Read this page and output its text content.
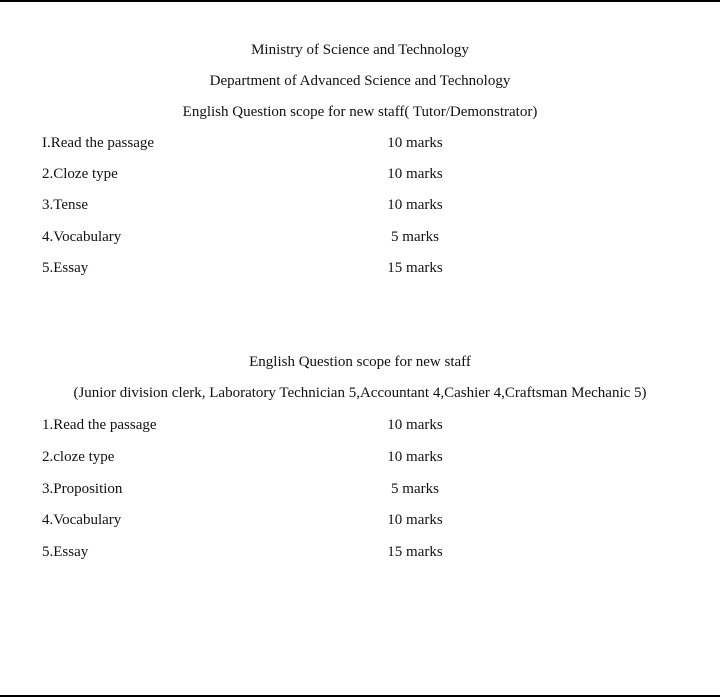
Ministry of Science and Technology
Department of Advanced Science and Technology
English Question scope for new staff( Tutor/Demonstrator)
I.Read the passage	10 marks
2.Cloze type	10 marks
3.Tense	10 marks
4.Vocabulary	5 marks
5.Essay	15 marks
English Question scope for new staff
(Junior division clerk, Laboratory Technician 5,Accountant 4,Cashier 4,Craftsman Mechanic 5)
1.Read the passage	10 marks
2.cloze type	10 marks
3.Proposition	5 marks
4.Vocabulary	10 marks
5.Essay	15 marks
